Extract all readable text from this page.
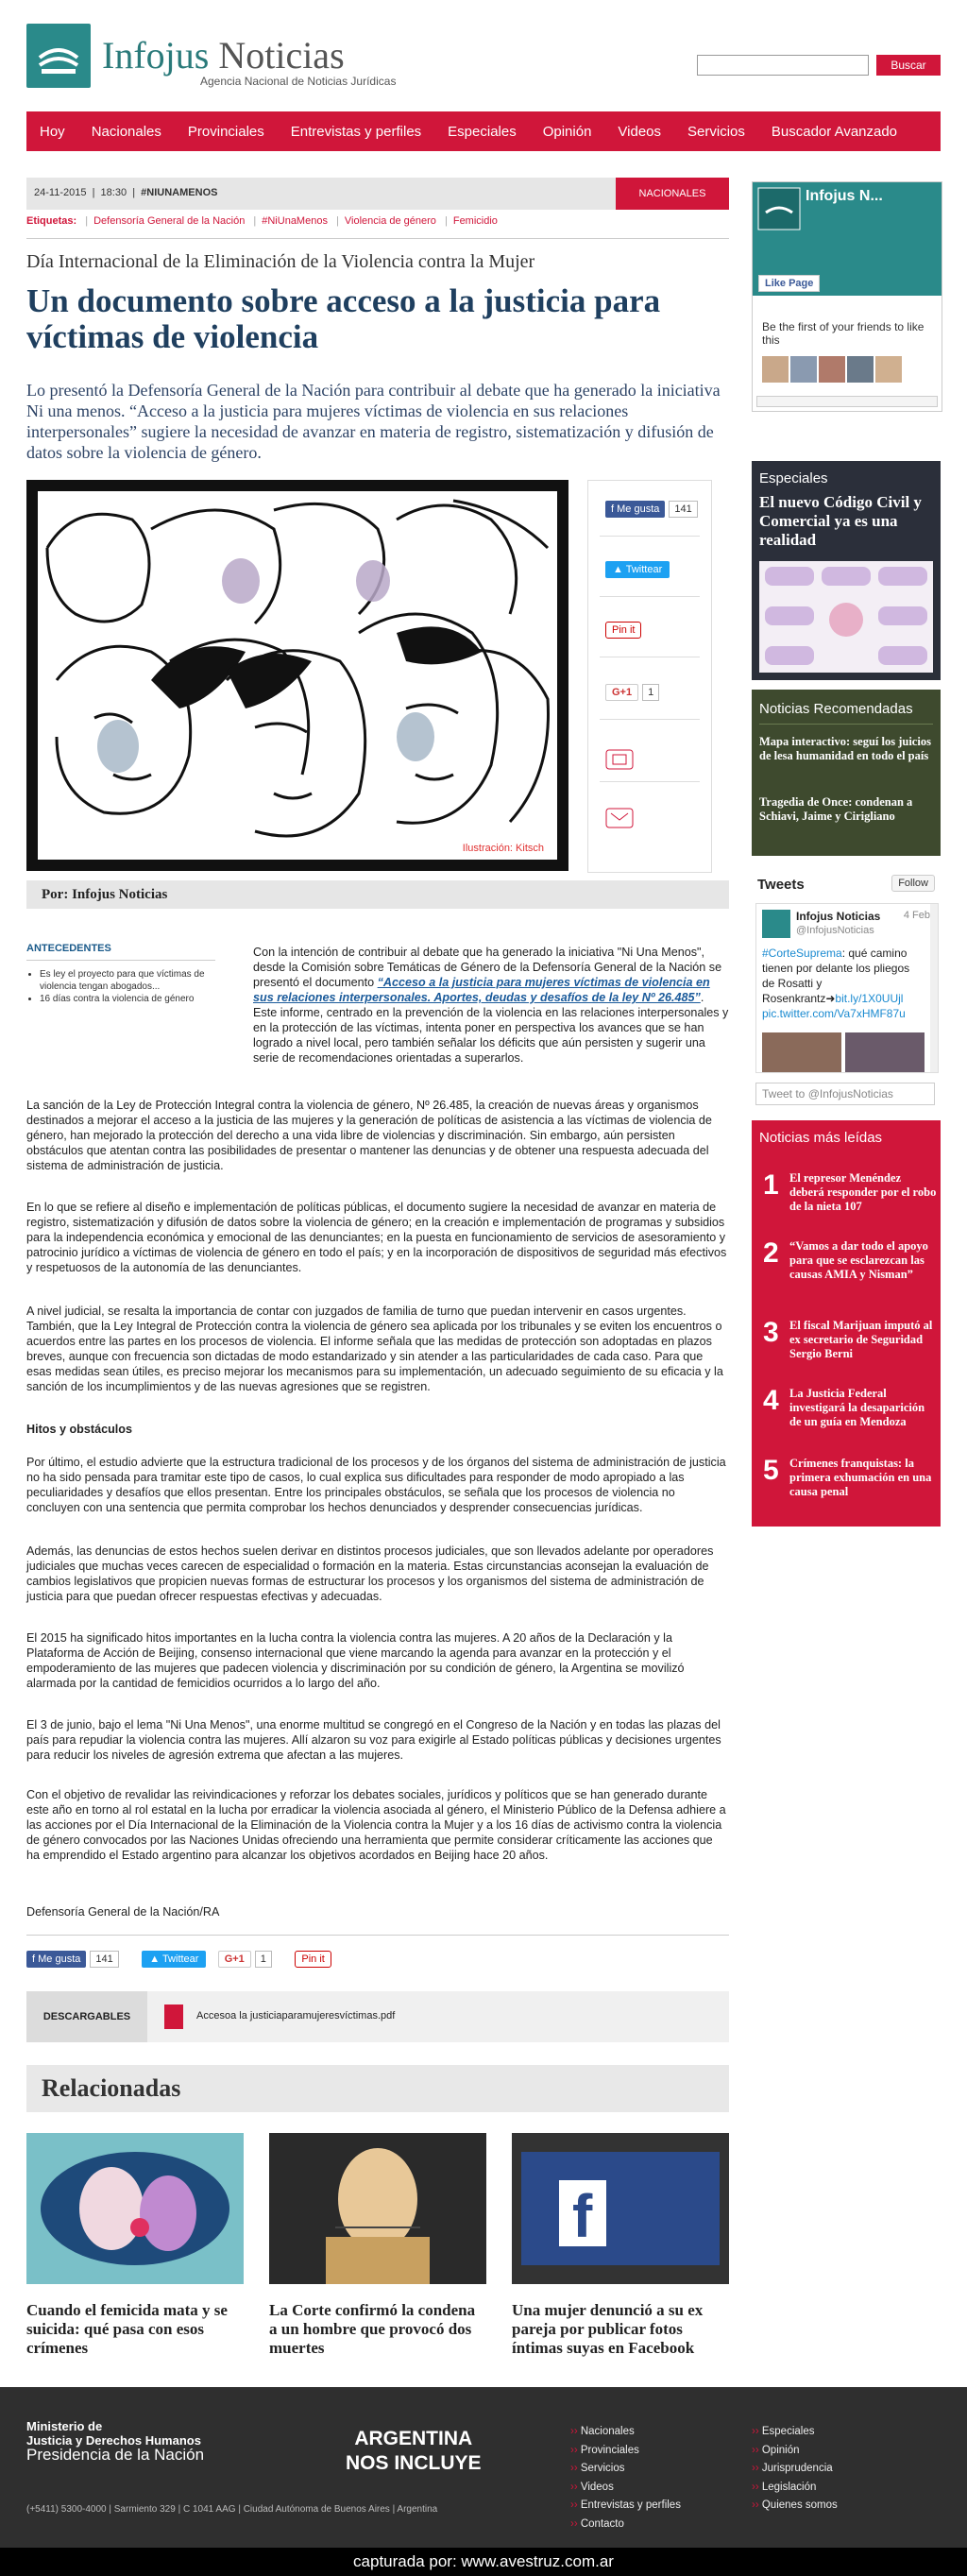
Infojus Noticias
Agencia Nacional de Noticias Jurídicas
Buscar
Hoy	Nacionales	Provinciales	Entrevistas y perfiles	Especiales	Opinión	Videos	Servicios	Buscador Avanzado
24-11-2015  |  18:30  |  #NIUNAMENOS	NACIONALES
Etiquetas: | Defensoría General de la Nación | #NiUnaMenos | Violencia de género | Femicidio
Día Internacional de la Eliminación de la Violencia contra la Mujer
Un documento sobre acceso a la justicia para víctimas de violencia
Lo presentó la Defensoría General de la Nación para contribuir al debate que ha generado la iniciativa Ni una menos. “Acceso a la justicia para mujeres víctimas de violencia en sus relaciones interpersonales” sugiere la necesidad de avanzar en materia de registro, sistematización y difusión de datos sobre la violencia de género.
Ilustración: Kitsch
f Me gusta 141
▲ Twittear
Pin it
G+1 1
Por: Infojus Noticias
ANTECEDENTES
• Es ley el proyecto para que víctimas de violencia tengan abogados...
• 16 días contra la violencia de género
Con la intención de contribuir al debate que ha generado la iniciativa "Ni Una Menos", desde la Comisión sobre Temáticas de Género de la Defensoría General de la Nación se presentó el documento “Acceso a la justicia para mujeres víctimas de violencia en sus relaciones interpersonales. Aportes, deudas y desafíos de la ley Nº 26.485”. Este informe, centrado en la prevención de la violencia en las relaciones interpersonales y en la protección de las víctimas, intenta poner en perspectiva los avances que se han logrado a nivel local, pero también señalar los déficits que aún persisten y sugerir una serie de recomendaciones orientadas a superarlos.
La sanción de la Ley de Protección Integral contra la violencia de género, Nº 26.485, la creación de nuevas áreas y organismos destinados a mejorar el acceso a la justicia de las mujeres y la generación de políticas de asistencia a las víctimas de violencia de género, han mejorado la protección del derecho a una vida libre de violencias y discriminación. Sin embargo, aún persisten obstáculos que atentan contra las posibilidades de presentar o mantener las denuncias y de obtener una respuesta adecuada del sistema de administración de justicia.
En lo que se refiere al diseño e implementación de políticas públicas, el documento sugiere la necesidad de avanzar en materia de registro, sistematización y difusión de datos sobre la violencia de género; en la creación e implementación de programas y subsidios para la independencia económica y emocional de las denunciantes; en la puesta en funcionamiento de servicios de asesoramiento y patrocinio jurídico a víctimas de violencia de género en todo el país; y en la incorporación de dispositivos de seguridad más efectivos y respetuosos de la autonomía de las denunciantes.
A nivel judicial, se resalta la importancia de contar con juzgados de familia de turno que puedan intervenir en casos urgentes. También, que la Ley Integral de Protección contra la violencia de género sea aplicada por los tribunales y se eviten los encuentros o acuerdos entre las partes en los procesos de violencia. El informe señala que las medidas de protección son adoptadas en plazos breves, aunque con frecuencia son dictadas de modo estandarizado y sin atender a las particularidades de cada caso. Para que esas medidas sean útiles, es preciso mejorar los mecanismos para su implementación, un adecuado seguimiento de su eficacia y la sanción de los incumplimientos y de las nuevas agresiones que se registren.
Hitos y obstáculos
Por último, el estudio advierte que la estructura tradicional de los procesos y de los órganos del sistema de administración de justicia no ha sido pensada para tramitar este tipo de casos, lo cual explica sus dificultades para responder de modo apropiado a las peculiaridades y desafíos que ellos presentan. Entre los principales obstáculos, se señala que los procesos de violencia no concluyen con una sentencia que permita comprobar los hechos denunciados y desprender consecuencias jurídicas.
Además, las denuncias de estos hechos suelen derivar en distintos procesos judiciales, que son llevados adelante por operadores judiciales que muchas veces carecen de especialidad o formación en la materia. Estas circunstancias aconsejan la evaluación de cambios legislativos que propicien nuevas formas de estructurar los procesos y los organismos del sistema de administración de justicia para que puedan ofrecer respuestas efectivas y adecuadas.
El 2015 ha significado hitos importantes en la lucha contra la violencia contra las mujeres. A 20 años de la Declaración y la Plataforma de Acción de Beijing, consenso internacional que viene marcando la agenda para avanzar en la protección y el empoderamiento de las mujeres que padecen violencia y discriminación por su condición de género, la Argentina se movilizó alarmada por la cantidad de femicidios ocurridos a lo largo del año.
El 3 de junio, bajo el lema "Ni Una Menos", una enorme multitud se congregó en el Congreso de la Nación y en todas las plazas del país para repudiar la violencia contra las mujeres. Allí alzaron su voz para exigirle al Estado políticas públicas y decisiones urgentes para reducir los niveles de agresión extrema que afectan a las mujeres.
Con el objetivo de revalidar las reivindicaciones y reforzar los debates sociales, jurídicos y políticos que se han generado durante este año en torno al rol estatal en la lucha por erradicar la violencia asociada al género, el Ministerio Público de la Defensa adhiere a las acciones por el Día Internacional de la Eliminación de la Violencia contra la Mujer y a los 16 días de activismo contra la violencia de género convocados por las Naciones Unidas ofreciendo una herramienta que permite considerar críticamente las acciones que ha emprendido el Estado argentino para alcanzar los objetivos acordados en Beijing hace 20 años.
Defensoría General de la Nación/RA
f Me gusta 141	▲ Twittear G+1 1	Pin it
DESCARGABLES	Accesoa la justiciaparamujeresvíctimas.pdf
Relacionadas
Cuando el femicida mata y se suicida: qué pasa con esos crímenes
La Corte confirmó la condena a un hombre que provocó dos muertes
f
Una mujer denunció a su ex pareja por publicar fotos íntimas suyas en Facebook
Infojus N...
Like Page
Be the first of your friends to like this
Especiales
El nuevo Código Civil y Comercial ya es una realidad
Noticias Recomendadas
Mapa interactivo: seguí los juicios de lesa humanidad en todo el país
Tragedia de Once: condenan a Schiavi, Jaime y Cirigliano
Tweets	Follow
Infojus Noticias 4 Feb
@InfojusNoticias
#CorteSuprema: qué camino tienen por delante los pliegos de Rosatti y Rosenkrantz➜bit.ly/1X0UUjl pic.twitter.com/Va7xHMF87u
Tweet to @InfojusNoticias
Noticias más leídas
1 El represor Menéndez deberá responder por el robo de la nieta 107
2 “Vamos a dar todo el apoyo para que se esclarezcan las causas AMIA y Nisman”
3 El fiscal Marijuan imputó al ex secretario de Seguridad Sergio Berni
4 La Justicia Federal investigará la desaparición de un guía en Mendoza
5 Crímenes franquistas: la primera exhumación en una causa penal
Ministerio de
Justicia y Derechos Humanos
Presidencia de la Nación
ARGENTINA
NOS INCLUYE
(+5411) 5300-4000 | Sarmiento 329 | C 1041 AAG | Ciudad Autónoma de Buenos Aires | Argentina
›› Nacionales
›› Provinciales
›› Servicios
›› Videos
›› Entrevistas y perfiles
›› Contacto
›› Especiales
›› Opinión
›› Jurisprudencia
›› Legislación
›› Quienes somos
capturada por: www.avestruz.com.ar
